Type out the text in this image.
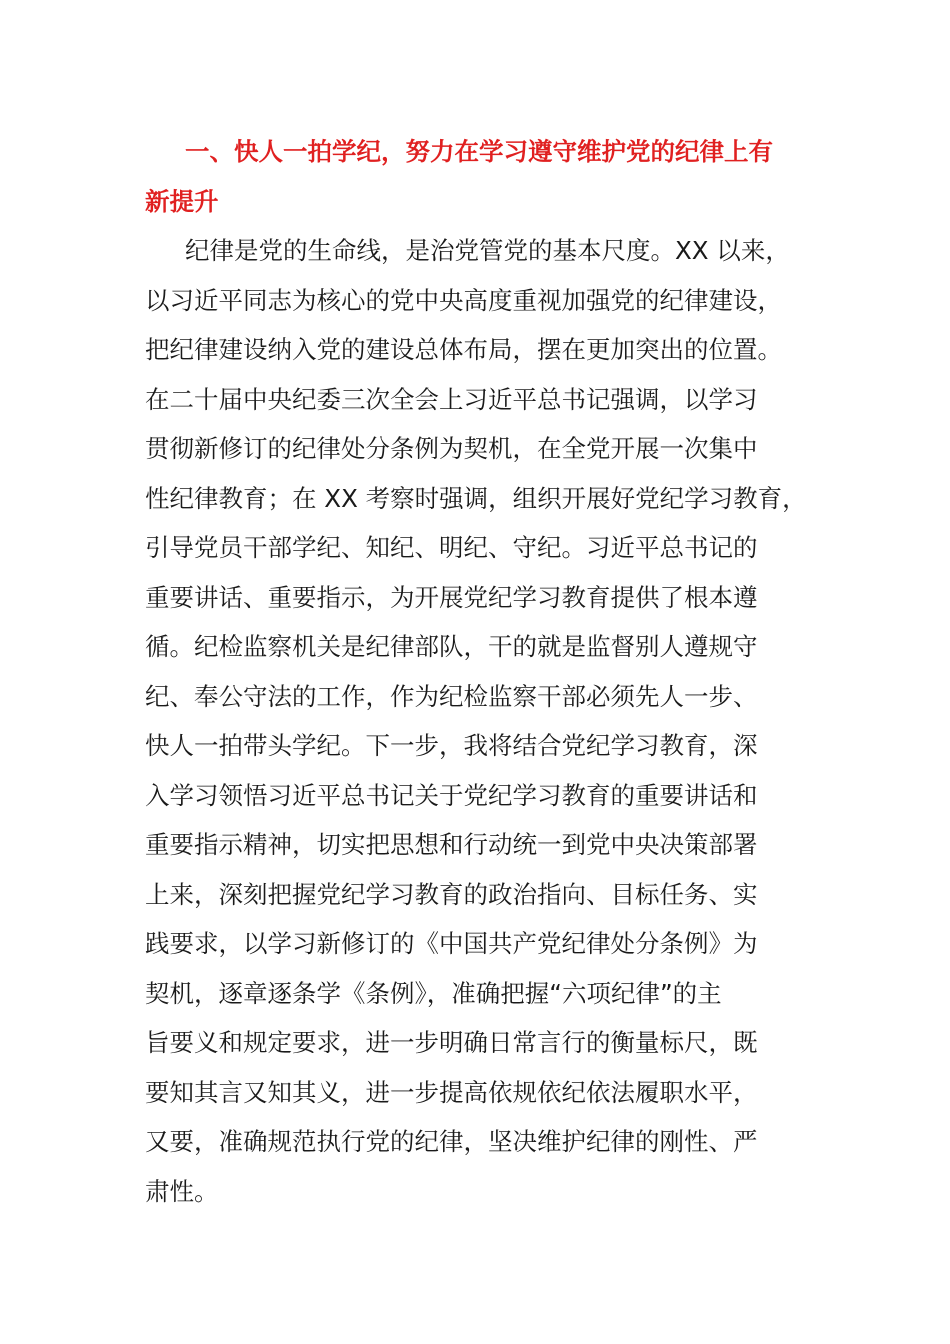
一、快人一拍学纪，努力在学习遵守维护党的纪律上有
新提升
纪律是党的生命线，是治党管党的基本尺度。XX 以来，
以习近平同志为核心的党中央高度重视加强党的纪律建设，
把纪律建设纳入党的建设总体布局，摆在更加突出的位置。
在二十届中央纪委三次全会上习近平总书记强调，以学习
贯彻新修订的纪律处分条例为契机，在全党开展一次集中
性纪律教育；在 XX 考察时强调，组织开展好党纪学习教育，
引导党员干部学纪、知纪、明纪、守纪。习近平总书记的
重要讲话、重要指示，为开展党纪学习教育提供了根本遵
循。纪检监察机关是纪律部队，干的就是监督别人遵规守
纪、奉公守法的工作，作为纪检监察干部必须先人一步、
快人一拍带头学纪。下一步，我将结合党纪学习教育，深
入学习领悟习近平总书记关于党纪学习教育的重要讲话和
重要指示精神，切实把思想和行动统一到党中央决策部署
上来，深刻把握党纪学习教育的政治指向、目标任务、实
践要求，以学习新修订的《中国共产党纪律处分条例》为
契机，逐章逐条学《条例》，准确把握“六项纪律”的主
旨要义和规定要求，进一步明确日常言行的衡量标尺，既
要知其言又知其义，进一步提高依规依纪依法履职水平，
又要，准确规范执行党的纪律，坚决维护纪律的刚性、严
肃性。
